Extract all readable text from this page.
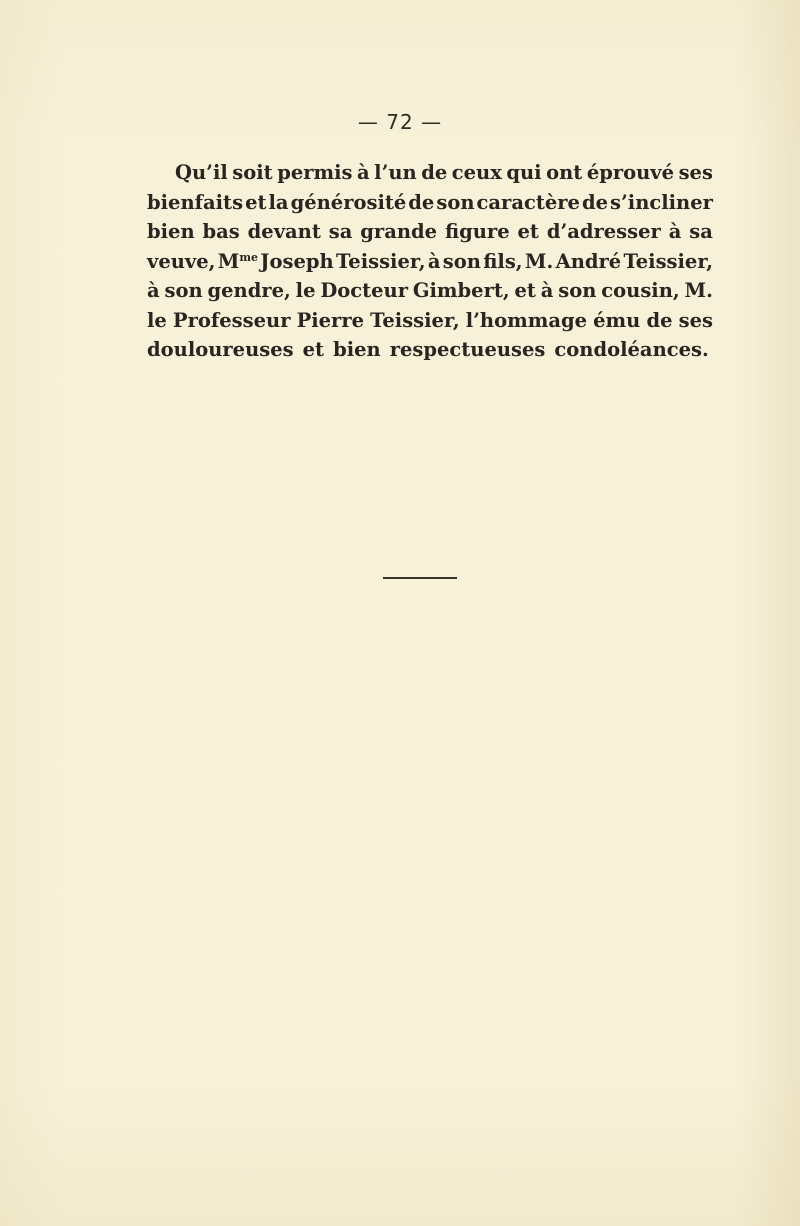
— 72 —
Qu’il soit permis à l’un de ceux qui ont éprouvé ses
bienfaits et la générosité de son caractère de s’incliner
bien bas devant sa grande figure et d’adresser à sa
veuve, $M^{me}$ Joseph Teissier, à son fils, M. André Teissier,
à son gendre, le Docteur Gimbert, et à son cousin, M.
le Professeur Pierre Teissier, l’hommage ému de ses
douloureuses et bien respectueuses condoléances.
